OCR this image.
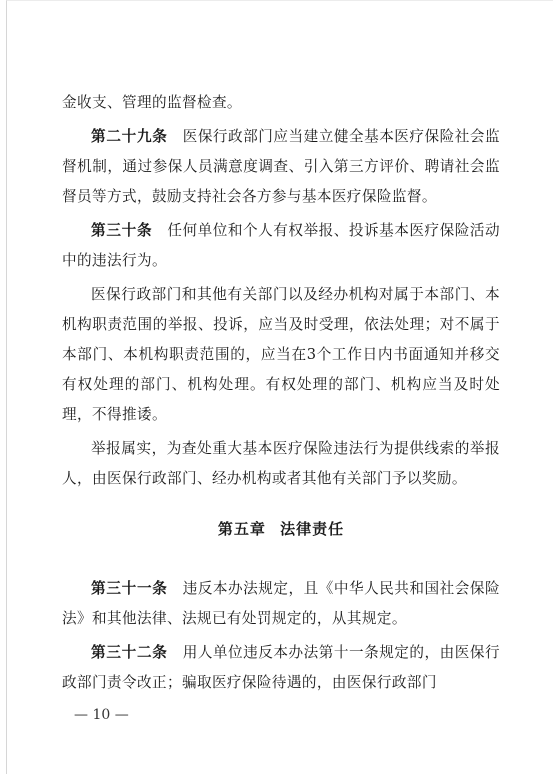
金收支、管理的监督检查。

第二十九条　 医保行政部门应当建立健全基本医疗保险社会监督机制，通过参保人员满意度调查、引入第三方评价、聘请社会监督员等方式，鼓励支持社会各方参与基本医疗保险监督。

第三十条　 任何单位和个人有权举报、投诉基本医疗保险活动中的违法行为。

医保行政部门和其他有关部门以及经办机构对属于本部门、本机构职责范围的举报、投诉，应当及时受理，依法处理；对不属于本部门、本机构职责范围的，应当在3个工作日内书面通知并移交有权处理的部门、机构处理。有权处理的部门、机构应当及时处理，不得推诿。

举报属实，为查处重大基本医疗保险违法行为提供线索的举报人，由医保行政部门、经办机构或者其他有关部门予以奖励。

第五章 法律责任

第三十一条　 违反本办法规定，且《中华人民共和国社会保险法》和其他法律、法规已有处罚规定的，从其规定。

第三十二条　 用人单位违反本办法第十一条规定的，由医保行政部门责令改正；骗取医疗保险待遇的，由医保行政部门

— 10 —
